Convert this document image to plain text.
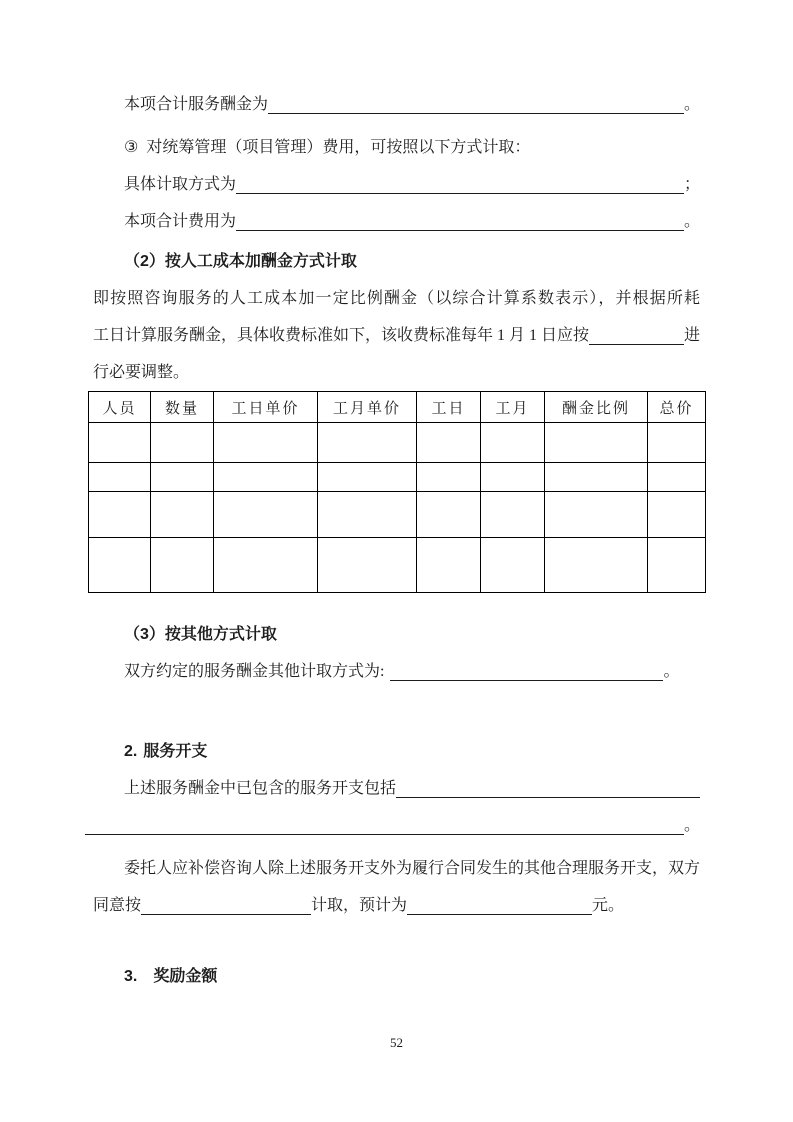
本项合计服务酬金为	。
③ 对统筹管理（项目管理）费用，可按照以下方式计取：
具体计取方式为	；
本项合计费用为	。
（2）按人工成本加酬金方式计取
即按照咨询服务的人工成本加一定比例酬金（以综合计算系数表示），并根据所耗
工日计算服务酬金，具体收费标准如下，该收费标准每年 1 月 1 日应按	进
行必要调整。
人员	数量	工日单价	工月单价	工日	工月	酬金比例	总价

（3）按其他方式计取
双方约定的服务酬金其他计取方式为:	。
2. 服务开支
上述服务酬金中已包含的服务开支包括
。
委托人应补偿咨询人除上述服务开支外为履行合同发生的其他合理服务开支，双方
同意按	计取，预计为	元。
3. 奖励金额
52
